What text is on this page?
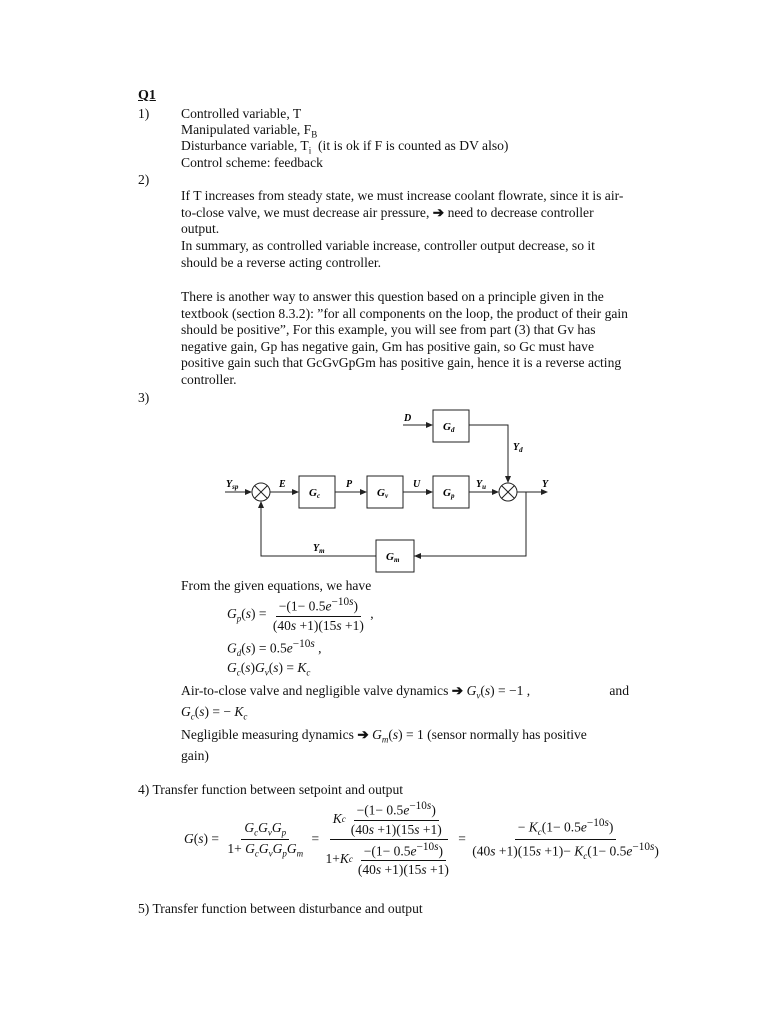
Q1
1) Controlled variable, T
Manipulated variable, $F_B$
Disturbance variable, $T_i$ (it is ok if F is counted as DV also)
Control scheme: feedback
2)
If T increases from steady state, we must increase coolant flowrate, since it is air-to-close valve, we must decrease air pressure, ➔ need to decrease controller output.
In summary, as controlled variable increase, controller output decrease, so it should be a reverse acting controller.
There is another way to answer this question based on a principle given in the textbook (section 8.3.2): ”for all components on the loop, the product of their gain should be positive”, For this example, you will see from part (3) that Gv has negative gain, Gp has negative gain, Gm has positive gain, so Gc must have positive gain such that GcGvGpGm has positive gain, hence it is a reverse acting controller.
3)
Gd
Gc	Gv	Gp
Gm
D
$Y_d$
$Y_{sp}$	E	P	U	$Y_u$	Y
$Y_m$
From the given equations, we have
$G_p(s) = \frac{-(1- 0.5e^{-10s})}{(40s +1)(15s +1)}$ ,
$G_d(s) = 0.5e^{-10s}$ ,
$G_c(s)G_v(s) = K_c$
Air-to-close valve and negligible valve dynamics ➔ $G_v(s) = -1$ ,	and
$G_c(s)$ = − $K_c$
Negligible measuring dynamics ➔ $G_m(s) = 1$ (sensor normally has positive
gain)
4) Transfer function between setpoint and output
$G(s) = \frac{G_cG_vG_p}{1+ G_cG_vG_pG_m} = \frac{K c \frac{-(1- 0.5e^{-10s})}{(40s +1)(15s +1)}}{1+ K c \frac{-(1- 0.5e^{-10s})}{(40s +1)(15s +1)}} = \frac{- K_c(1- 0.5e^{-10s})}{(40s +1)(15s +1)- K_c(1- 0.5e^{-10s})}$
5) Transfer function between disturbance and output
